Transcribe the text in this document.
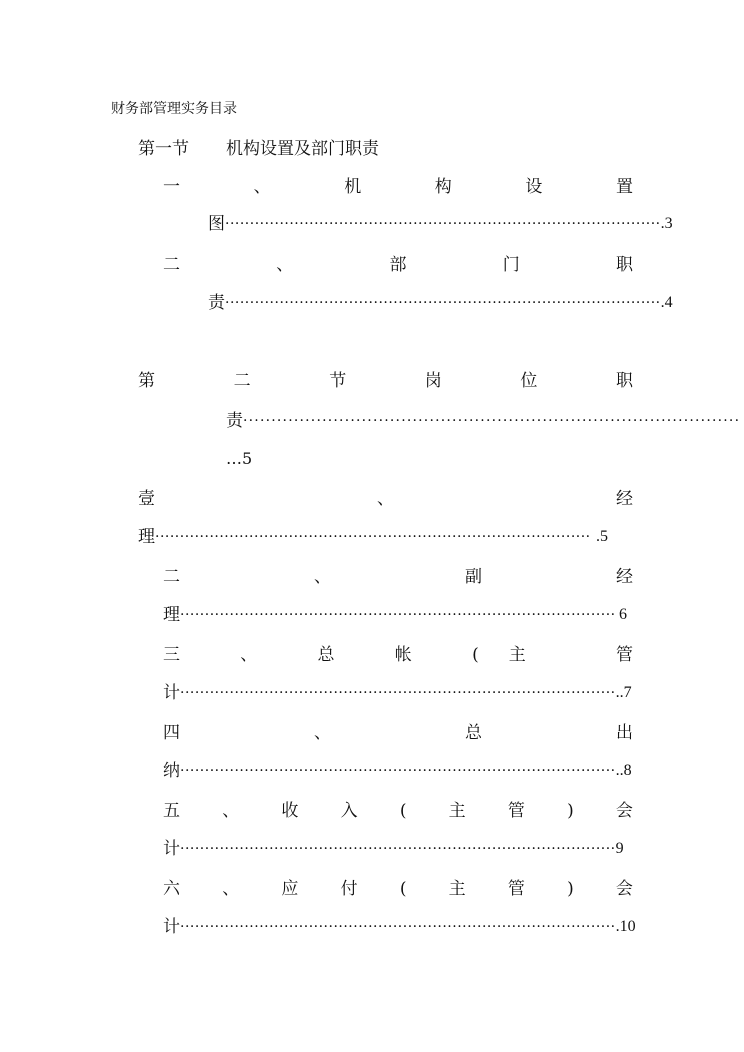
财务部管理实务目录
第一节 机构设置及部门职责
一	、	机	构	设	置
图 ························································································ .3
二	、	部	门	职
责 ························································································ .4
第	二	节	岗	位	职
责 ························································································
…5
壹	、	经
理 ························································································ .5
二	、	副	经
理 ························································································ 6
三	、	总	帐	(主	管
计 ························································································ ..7
四	、	总	出
纳 ························································································ ..8
五 、 收 入 ( 主 管 ) 会
计 ························································································ 9
六 、 应 付 ( 主 管 ) 会
计 ························································································ .10
